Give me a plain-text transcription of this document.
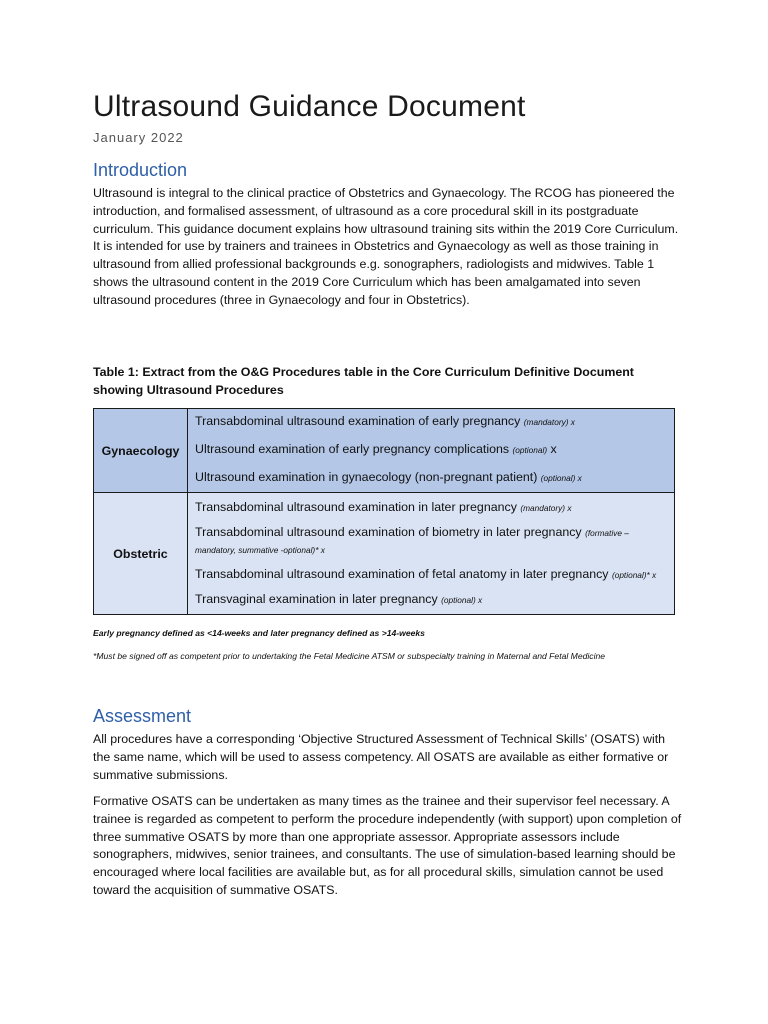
Ultrasound Guidance Document
January 2022
Introduction

Ultrasound is integral to the clinical practice of Obstetrics and Gynaecology. The RCOG has pioneered the introduction, and formalised assessment, of ultrasound as a core procedural skill in its postgraduate curriculum. This guidance document explains how ultrasound training sits within the 2019 Core Curriculum. It is intended for use by trainers and trainees in Obstetrics and Gynaecology as well as those training in ultrasound from allied professional backgrounds e.g. sonographers, radiologists and midwives. Table 1 shows the ultrasound content in the 2019 Core Curriculum which has been amalgamated into seven ultrasound procedures (three in Gynaecology and four in Obstetrics).

Table 1: Extract from the O&G Procedures table in the Core Curriculum Definitive Document showing Ultrasound Procedures

Gynaecology	Transabdominal ultrasound examination of early pregnancy (mandatory) x
Ultrasound examination of early pregnancy complications (optional) x
Ultrasound examination in gynaecology (non-pregnant patient) (optional) x

Obstetric	Transabdominal ultrasound examination in later pregnancy (mandatory) x
Transabdominal ultrasound examination of biometry in later pregnancy (formative – mandatory, summative -optional)* x
Transabdominal ultrasound examination of fetal anatomy in later pregnancy (optional)* x
Transvaginal examination in later pregnancy (optional) x

Early pregnancy defined as <14-weeks and later pregnancy defined as >14-weeks

*Must be signed off as competent prior to undertaking the Fetal Medicine ATSM or subspecialty training in Maternal and Fetal Medicine

Assessment

All procedures have a corresponding ‘Objective Structured Assessment of Technical Skills’ (OSATS) with the same name, which will be used to assess competency. All OSATS are available as either formative or summative submissions.

Formative OSATS can be undertaken as many times as the trainee and their supervisor feel necessary. A trainee is regarded as competent to perform the procedure independently (with support) upon completion of three summative OSATS by more than one appropriate assessor. Appropriate assessors include sonographers, midwives, senior trainees, and consultants. The use of simulation-based learning should be encouraged where local facilities are available but, as for all procedural skills, simulation cannot be used toward the acquisition of summative OSATS.
